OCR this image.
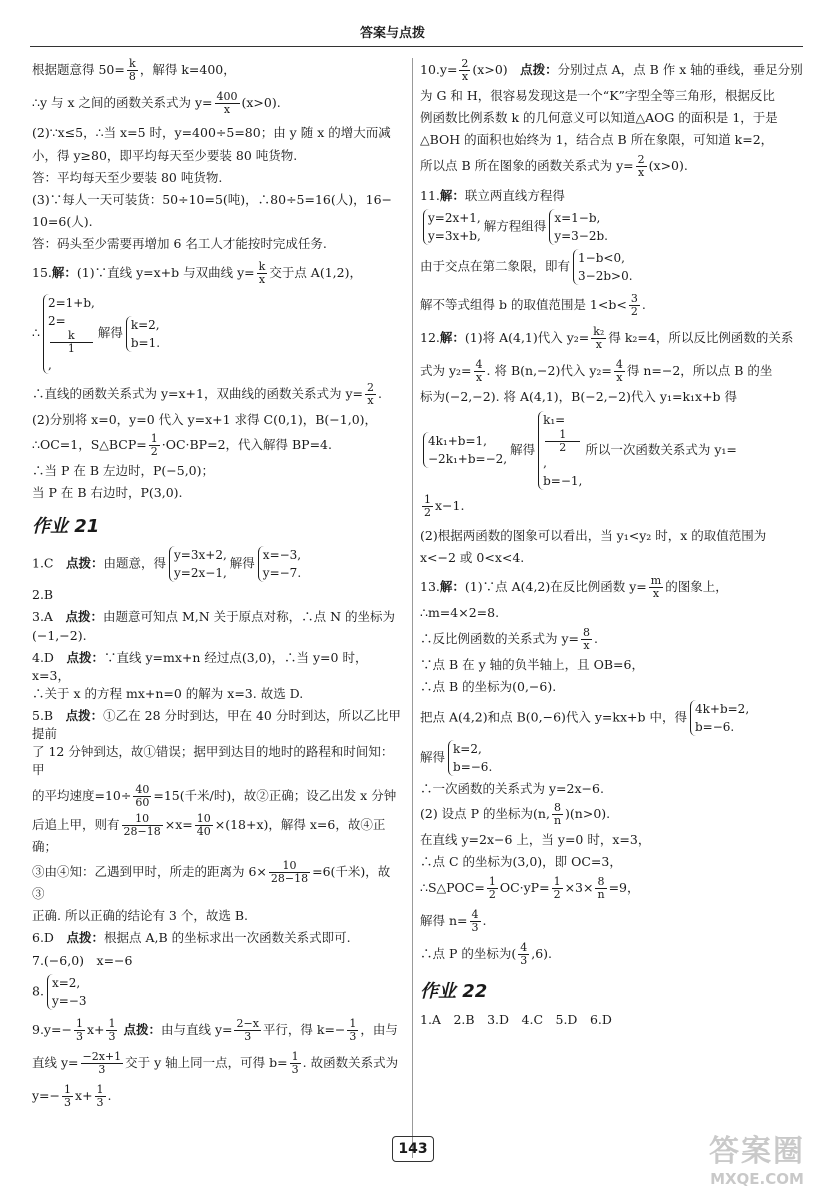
答案与点拨

根据题意得 $50= \frac{k}{8}$ ，解得 k=400，

∴y 与 x 之间的函数关系式为 $y= \frac{400}{x} (x>0)$.

(2)∵x≤5，∴当 x=5 时，y=400÷5=80；由 y 随 x 的增大而减

小，得 y≥80，即平均每天至少要装 80 吨货物.

答：平均每天至少要装 80 吨货物.

(3)∵每人一天可装货：50÷10=5(吨)，∴80÷5=16(人)，16−

10=6(人).

答：码头至少需要再增加 6 名工人才能按时完成任务.

15.解：(1)∵直线 y=x+b 与双曲线 $y= \frac{k}{x}$ 交于点 A(1,2)，

∴
2=1+b,
2=
k
1
,
解得
k=2,
b=1.

∴直线的函数关系式为 y=x+1，双曲线的函数关系式为 $y= \frac{2}{x}$ .

(2)分别将 x=0，y=0 代入 y=x+1 求得 C(0,1)，B(−1,0)，

∴OC=1，S△BCP= $\frac{1}{2} \cdot OC\cdot BP=2$，代入解得 BP=4.

∴当 P 在 B 左边时，P(−5,0)；

当 P 在 B 右边时，P(3,0).

作业 21

1.C　点拨：由题意，得
y=3x+2,
y=2x−1,
解得
x=−3,
y=−7.

2.B

3.A　点拨：由题意可知点 M,N 关于原点对称，∴点 N 的坐标为

(−1,−2).

4.D　点拨：∵直线 y=mx+n 经过点(3,0)，∴当 y=0 时，x=3，

∴关于 x 的方程 mx+n=0 的解为 x=3. 故选 D.

5.B　点拨：①乙在 28 分时到达，甲在 40 分时到达，所以乙比甲提前

了 12 分钟到达，故①错误；据甲到达目的地时的路程和时间知：甲

的平均速度$=10\div \frac{40}{60} =15$(千米/时)，故②正确；设乙出发 x 分钟

后追上甲，则有 $\frac{10}{28-18} \times x= \frac{10}{40} \times(18+x)$，解得 x=6，故④正确；

③由④知：乙遇到甲时，所走的距离为 $6\times \frac{10}{28-18} =6$(千米)，故③

正确. 所以正确的结论有 3 个，故选 B.

6.D　点拨：根据点 A,B 的坐标求出一次函数关系式即可.

7.(−6,0)　x=−6

8.
x=2,
y=−3

$9.y=- \frac{1}{3} x+ \frac{1}{3}$ 点拨：由与直线 $y= \frac{2-x}{3}$ 平行，得 $k=- \frac{1}{3}$ ，由与

直线 $y= \frac{-2x+1}{3}$ 交于 y 轴上同一点，可得 $b= \frac{1}{3}$ . 故函数关系式为

$y=- \frac{1}{3} x+ \frac{1}{3}$ .

$10.y= \frac{2}{x} (x>0)$　点拨：分别过点 A，点 B 作 x 轴的垂线，垂足分别

为 G 和 H，很容易发现这是一个“K”字型全等三角形，根据反比

例函数比例系数 k 的几何意义可以知道△AOG 的面积是 1，于是

△BOH 的面积也始终为 1，结合点 B 所在象限，可知道 k=2，

所以点 B 所在图象的函数关系式为 $y= \frac{2}{x} (x>0)$.

11.解：联立两直线方程得

y=2x+1,
y=3x+b,
解方程组得
x=1−b,
y=3−2b.

由于交点在第二象限，即有
1−b<0,
3−2b>0.

解不等式组得 b 的取值范围是 $1<b< \frac{3}{2}$ .

12.解：(1)将 A(4,1)代入 $y_2= \frac{\text{k₂}}{x}$ 得 k₂=4，所以反比例函数的关系

式为 $y_2= \frac{4}{x}$ . 将 B(n,−2)代入 $y_2= \frac{4}{x}$ 得 n=−2，所以点 B 的坐

标为(−2,−2). 将 A(4,1)，B(−2,−2)代入 y₁=k₁x+b 得

4k₁+b=1,
−2k₁+b=−2,
解得
k₁=
1
2
,
b=−1,
所以一次函数关系式为 y₁=

$\frac{1}{2} x-1$.

(2)根据两函数的图象可以看出，当 y₁<y₂ 时，x 的取值范围为

x<−2 或 0<x<4.

13.解：(1)∵点 A(4,2)在反比例函数 $y= \frac{m}{x}$ 的图象上，

∴m=4×2=8.

∴反比例函数的关系式为 $y= \frac{8}{x}$ .

∵点 B 在 y 轴的负半轴上，且 OB=6，

∴点 B 的坐标为(0,−6).

把点 A(4,2)和点 B(0,−6)代入 y=kx+b 中，得
4k+b=2,
b=−6.

解得
k=2,
b=−6.

∴一次函数的关系式为 y=2x−6.

(2) 设点 P 的坐标为(n, $\frac{8}{n} )(n>0)$.

在直线 y=2x−6 上，当 y=0 时，x=3，

∴点 C 的坐标为(3,0)，即 OC=3，

∴S△POC= $\frac{1}{2} OC\cdot yP= \frac{1}{2} \times 3\times \frac{8}{n} =9$，

解得 $n= \frac{4}{3}$ .

∴点 P 的坐标为( $\frac{4}{3} ,6$).

作业 22

1.A　2.B　3.D　4.C　5.D　6.D

143	答案圈
MXQE.COM
